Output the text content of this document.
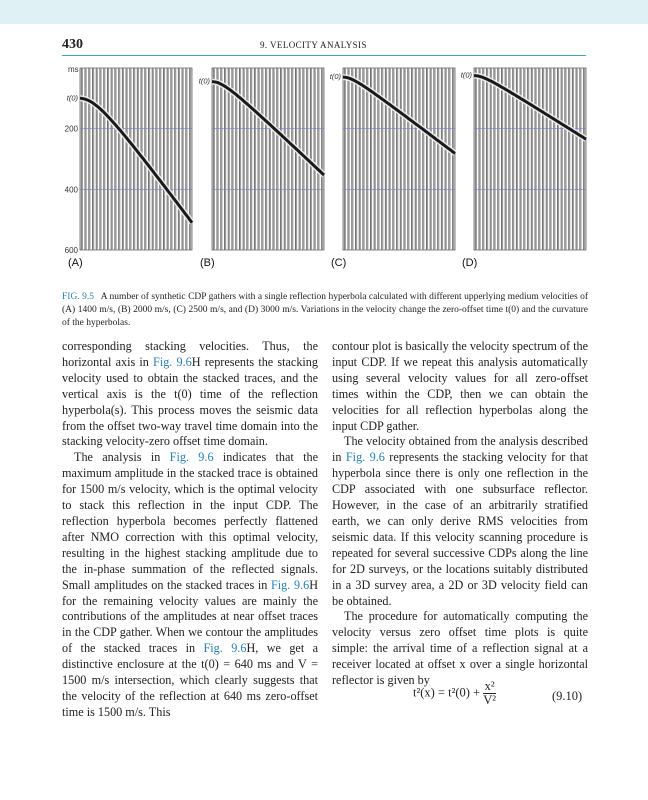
430	9. VELOCITY ANALYSIS
ms
t(0)
(A)
t(0)
(B)
t(0)
(C)
t(0)
(D)
200
400
600
FIG. 9.5 A number of synthetic CDP gathers with a single reflection hyperbola calculated with different upperlying medium velocities of (A) 1400 m/s, (B) 2000 m/s, (C) 2500 m/s, and (D) 3000 m/s. Variations in the velocity change the zero-offset time t(0) and the curvature of the hyperbolas.

corresponding stacking velocities. Thus, the horizontal axis in Fig. 9.6H represents the stacking velocity used to obtain the stacked traces, and the vertical axis is the t(0) time of the reflection hyperbola(s). This process moves the seismic data from the offset two-way travel time domain into the stacking velocity-zero offset time domain.

The analysis in Fig. 9.6 indicates that the maximum amplitude in the stacked trace is obtained for 1500 m/s velocity, which is the optimal velocity to stack this reflection in the input CDP. The reflection hyperbola becomes perfectly flattened after NMO correction with this optimal velocity, resulting in the highest stacking amplitude due to the in-phase summation of the reflected signals. Small amplitudes on the stacked traces in Fig. 9.6H for the remaining velocity values are mainly the contributions of the amplitudes at near offset traces in the CDP gather. When we contour the amplitudes of the stacked traces in Fig. 9.6H, we get a distinctive enclosure at the t(0) = 640 ms and V = 1500 m/s intersection, which clearly suggests that the velocity of the reflection at 640 ms zero-offset time is 1500 m/s. This

contour plot is basically the velocity spectrum of the input CDP. If we repeat this analysis automatically using several velocity values for all zero-offset times within the CDP, then we can obtain the velocities for all reflection hyperbolas along the input CDP gather.

The velocity obtained from the analysis described in Fig. 9.6 represents the stacking velocity for that hyperbola since there is only one reflection in the CDP associated with one subsurface reflector. However, in the case of an arbitrarily stratified earth, we can only derive RMS velocities from seismic data. If this velocity scanning procedure is repeated for several successive CDPs along the line for 2D surveys, or the locations suitably distributed in a 3D survey area, a 2D or 3D velocity field can be obtained.

The procedure for automatically computing the velocity versus zero offset time plots is quite simple: the arrival time of a reflection signal at a receiver located at offset x over a single horizontal reflector is given by

$t^2(x) = t^2(0) + \frac{\text{x²}}{\text{V²}}$	(9.10)
